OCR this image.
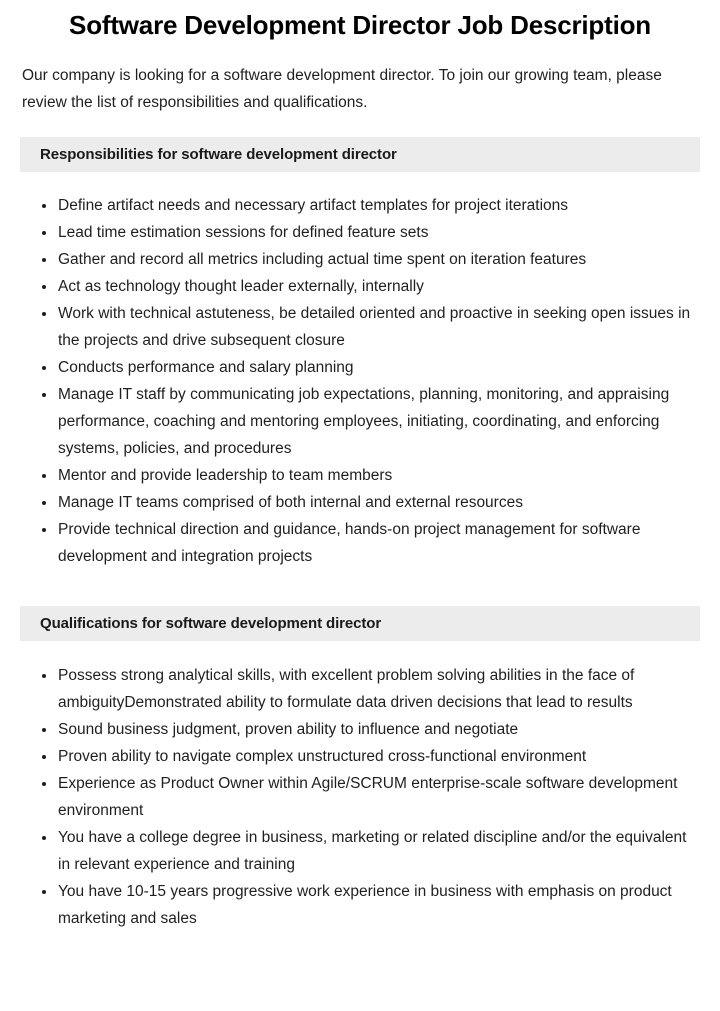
Software Development Director Job Description

Our company is looking for a software development director. To join our growing team, please review the list of responsibilities and qualifications.

Responsibilities for software development director
Define artifact needs and necessary artifact templates for project iterations
Lead time estimation sessions for defined feature sets
Gather and record all metrics including actual time spent on iteration features
Act as technology thought leader externally, internally
Work with technical astuteness, be detailed oriented and proactive in seeking open issues in the projects and drive subsequent closure
Conducts performance and salary planning
Manage IT staff by communicating job expectations, planning, monitoring, and appraising performance, coaching and mentoring employees, initiating, coordinating, and enforcing systems, policies, and procedures
Mentor and provide leadership to team members
Manage IT teams comprised of both internal and external resources
Provide technical direction and guidance, hands-on project management for software development and integration projects
Qualifications for software development director
Possess strong analytical skills, with excellent problem solving abilities in the face of ambiguityDemonstrated ability to formulate data driven decisions that lead to results
Sound business judgment, proven ability to influence and negotiate
Proven ability to navigate complex unstructured cross-functional environment
Experience as Product Owner within Agile/SCRUM enterprise-scale software development environment
You have a college degree in business, marketing or related discipline and/or the equivalent in relevant experience and training
You have 10-15 years progressive work experience in business with emphasis on product marketing and sales
